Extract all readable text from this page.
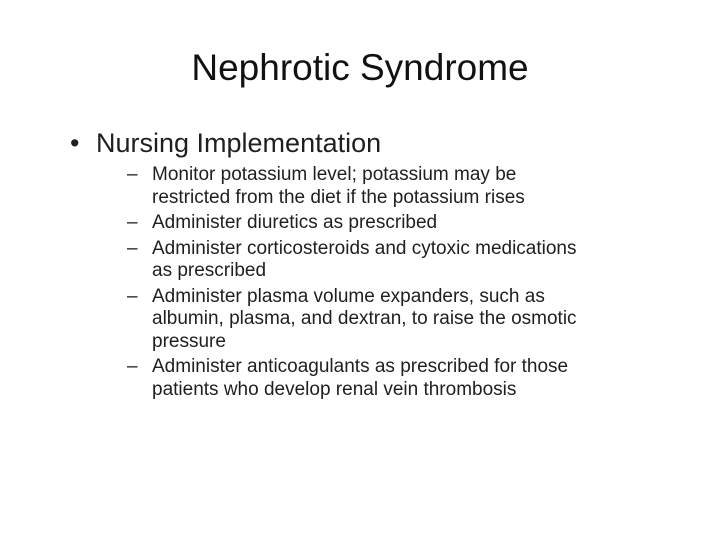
Nephrotic Syndrome
• Nursing Implementation
– Monitor potassium level; potassium may be restricted from the diet if the potassium rises
– Administer diuretics as prescribed
– Administer corticosteroids and cytoxic medications as prescribed
– Administer plasma volume expanders, such as albumin, plasma, and dextran, to raise the osmotic pressure
– Administer anticoagulants as prescribed for those patients who develop renal vein thrombosis
